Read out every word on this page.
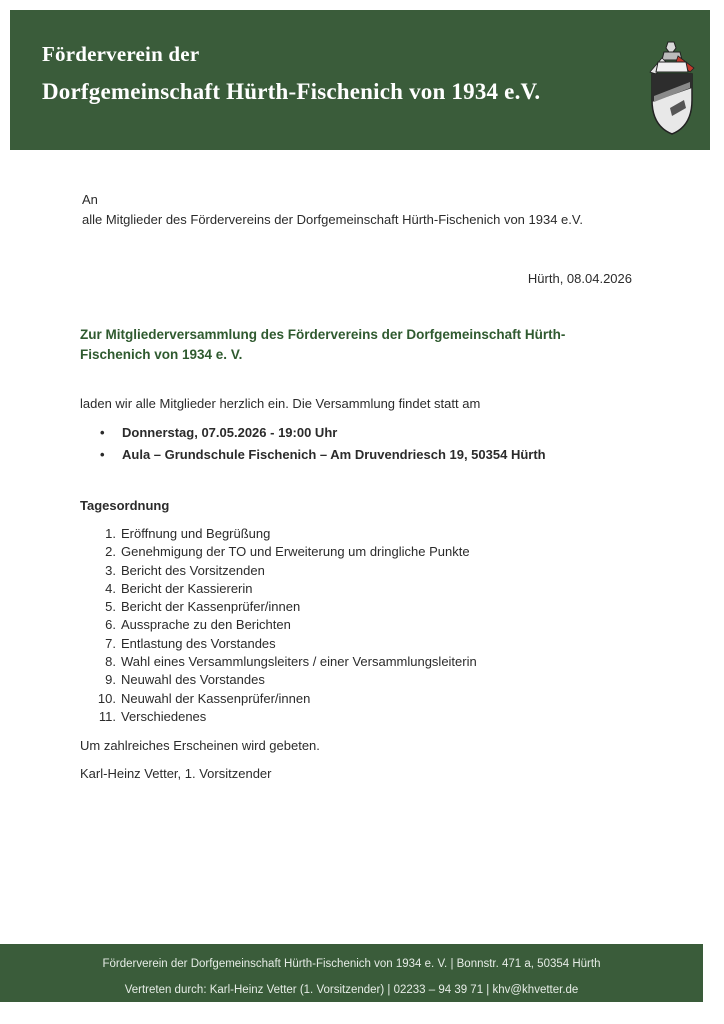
Förderverein der
Dorfgemeinschaft Hürth-Fischenich von 1934 e.V.
An
alle Mitglieder des Fördervereins der Dorfgemeinschaft Hürth-Fischenich von 1934 e.V.
Hürth, 08.04.2026
Zur Mitgliederversammlung des Fördervereins der Dorfgemeinschaft Hürth-
Fischenich von 1934 e. V.
laden wir alle Mitglieder herzlich ein. Die Versammlung findet statt am
• Donnerstag, 07.05.2026 - 19:00 Uhr
• Aula – Grundschule Fischenich – Am Druvendriesch 19, 50354 Hürth
Tagesordnung
1. Eröffnung und Begrüßung
2. Genehmigung der TO und Erweiterung um dringliche Punkte
3. Bericht des Vorsitzenden
4. Bericht der Kassiererin
5. Bericht der Kassenprüfer/innen
6. Aussprache zu den Berichten
7. Entlastung des Vorstandes
8. Wahl eines Versammlungsleiters / einer Versammlungsleiterin
9. Neuwahl des Vorstandes
10. Neuwahl der Kassenprüfer/innen
11. Verschiedenes
Um zahlreiches Erscheinen wird gebeten.
Karl-Heinz Vetter, 1. Vorsitzender
Förderverein der Dorfgemeinschaft Hürth-Fischenich von 1934 e. V. | Bonnstr. 471 a, 50354 Hürth
Vertreten durch: Karl-Heinz Vetter (1. Vorsitzender) | 02233 – 94 39 71 | khv@khvetter.de
